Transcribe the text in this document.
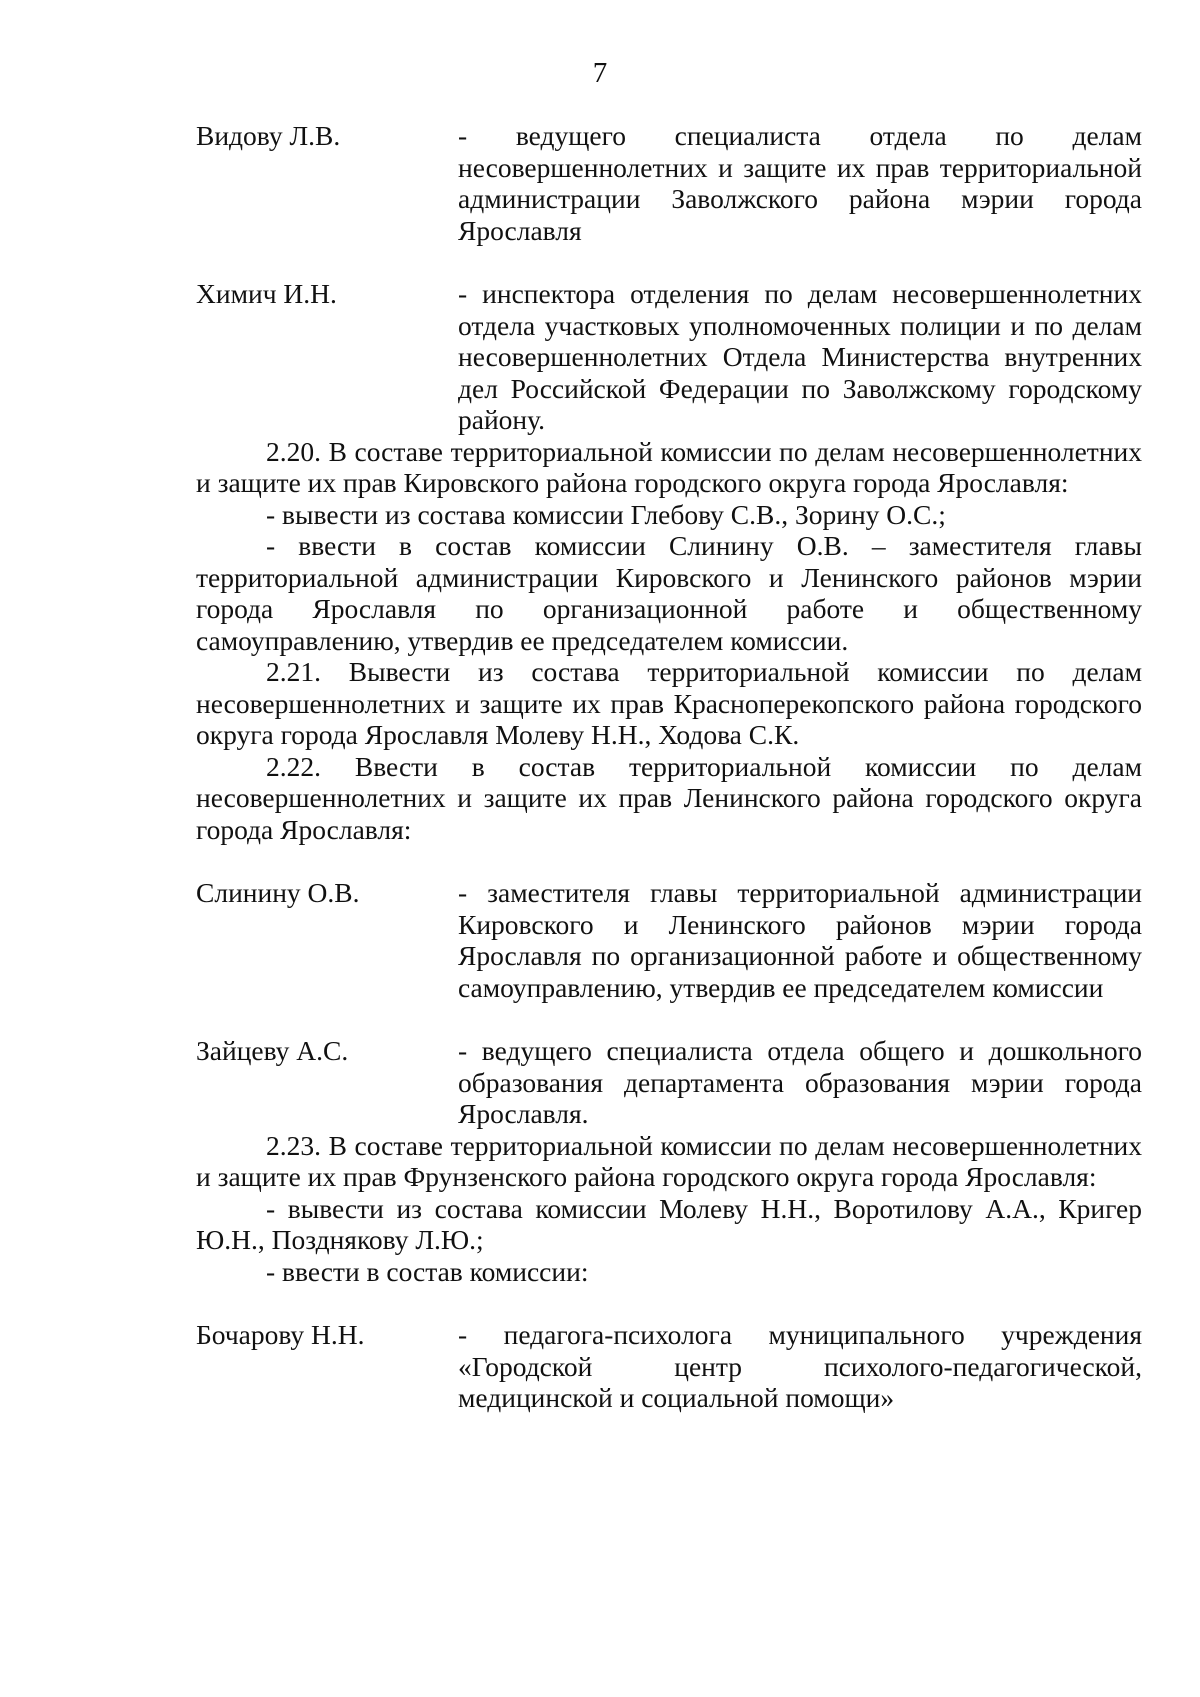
7
Видову Л.В.	- ведущего специалиста отдела по делам несовершеннолетних и защите их прав территориальной администрации Заволжского района мэрии города Ярославля
Химич И.Н.	- инспектора отделения по делам несовершеннолетних отдела участковых уполномоченных полиции и по делам несовершеннолетних Отдела Министерства внутренних дел Российской Федерации по Заволжскому городскому району.

2.20. В составе территориальной комиссии по делам несовершеннолетних и защите их прав Кировского района городского округа города Ярославля:

- вывести из состава комиссии Глебову С.В., Зорину О.С.;

- ввести в состав комиссии Слинину О.В. – заместителя главы территориальной администрации Кировского и Ленинского районов мэрии города Ярославля по организационной работе и общественному самоуправлению, утвердив ее председателем комиссии.

2.21. Вывести из состава территориальной комиссии по делам несовершеннолетних и защите их прав Красноперекопского района городского округа города Ярославля Молеву Н.Н., Ходова С.К.

2.22. Ввести в состав территориальной комиссии по делам несовершеннолетних и защите их прав Ленинского района городского округа города Ярославля:

Слинину О.В.	- заместителя главы территориальной администрации Кировского и Ленинского районов мэрии города Ярославля по организационной работе и общественному самоуправлению, утвердив ее председателем комиссии
Зайцеву А.С.	- ведущего специалиста отдела общего и дошкольного образования департамента образования мэрии города Ярославля.

2.23. В составе территориальной комиссии по делам несовершеннолетних и защите их прав Фрунзенского района городского округа города Ярославля:

- вывести из состава комиссии Молеву Н.Н., Воротилову А.А., Кригер Ю.Н., Позднякову Л.Ю.;

- ввести в состав комиссии:

Бочарову Н.Н.	- педагога-психолога муниципального учреждения «Городской центр психолого-педагогической, медицинской и социальной помощи»
